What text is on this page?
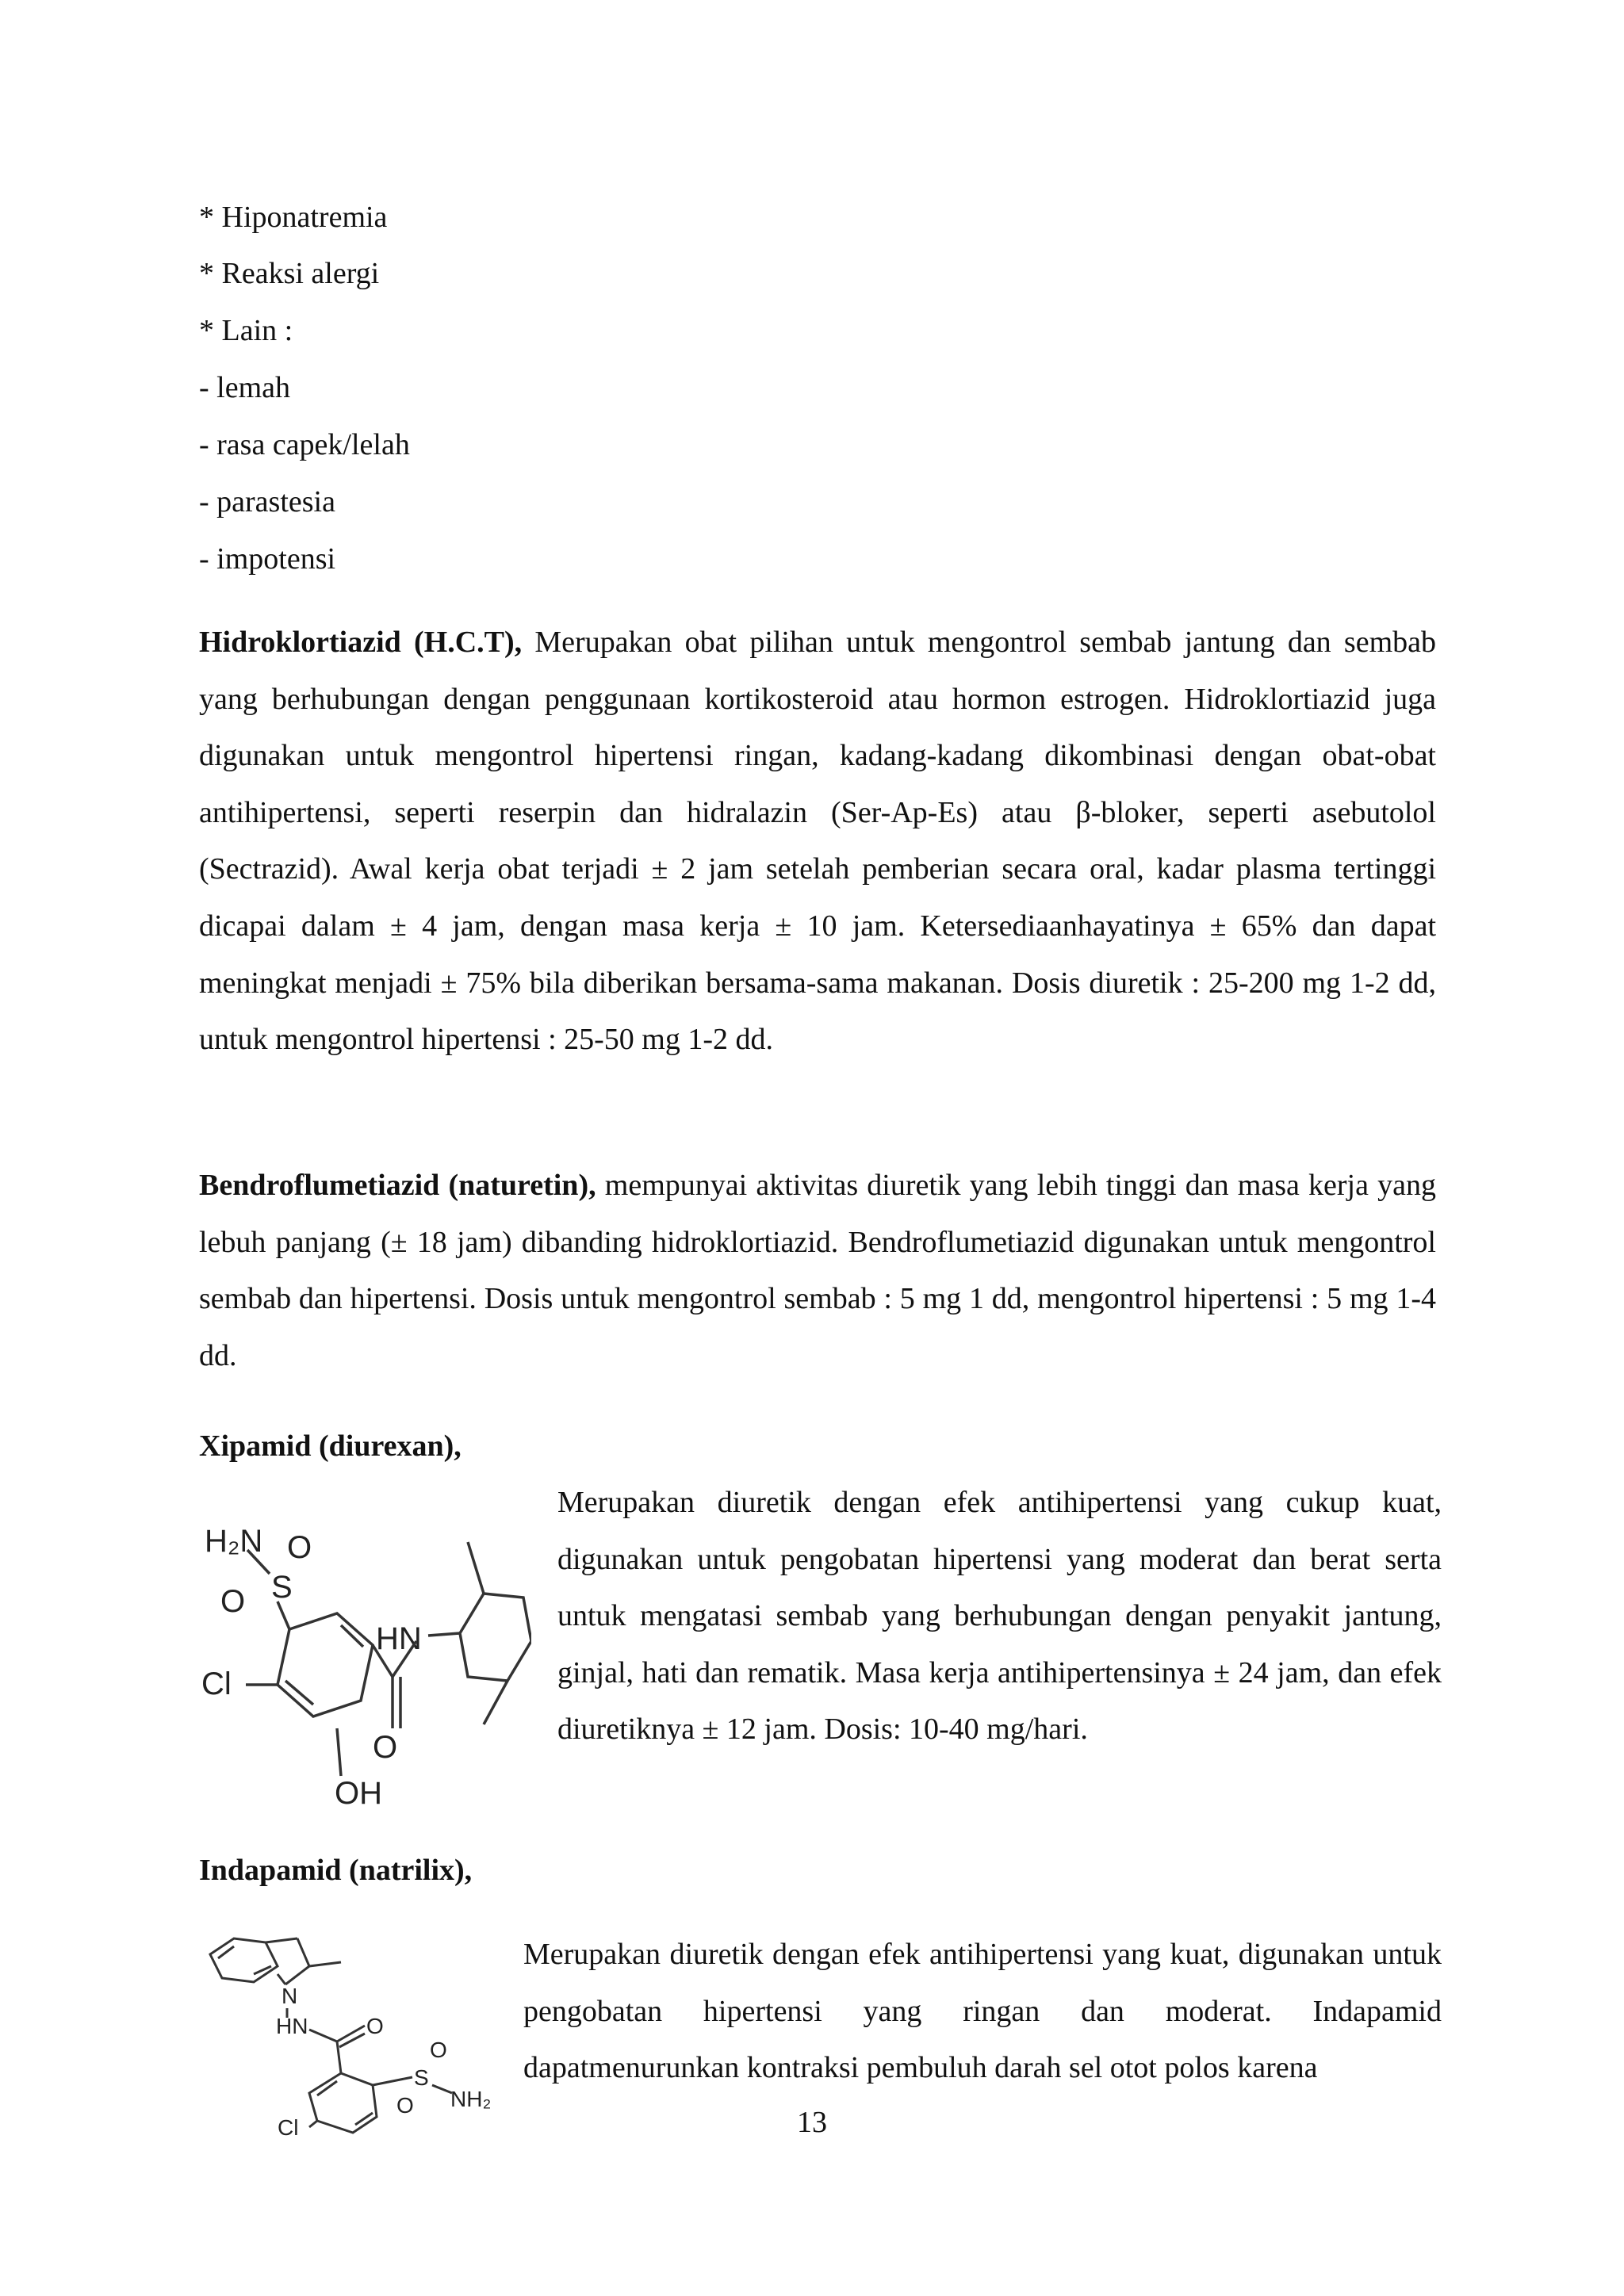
* Hiponatremia
* Reaksi alergi
* Lain :
- lemah
- rasa capek/lelah
- parastesia
- impotensi

Hidroklortiazid (H.C.T), Merupakan obat pilihan untuk mengontrol sembab jantung dan sembab yang berhubungan dengan penggunaan kortikosteroid atau hormon estrogen. Hidroklortiazid juga digunakan untuk mengontrol hipertensi ringan, kadang-kadang dikombinasi dengan obat-obat antihipertensi, seperti reserpin dan hidralazin (Ser-Ap-Es) atau β-bloker, seperti asebutolol (Sectrazid). Awal kerja obat terjadi ± 2 jam setelah pemberian secara oral, kadar plasma tertinggi dicapai dalam ± 4 jam, dengan masa kerja ± 10 jam. Ketersediaanhayatinya ± 65% dan dapat meningkat menjadi ± 75% bila diberikan bersama-sama makanan. Dosis diuretik : 25-200 mg 1-2 dd, untuk mengontrol hipertensi : 25-50 mg 1-2 dd.

Bendroflumetiazid (naturetin), mempunyai aktivitas diuretik yang lebih tinggi dan masa kerja yang lebuh panjang (± 18 jam) dibanding hidroklortiazid. Bendroflumetiazid digunakan untuk mengontrol sembab dan hipertensi. Dosis untuk mengontrol sembab : 5 mg 1 dd, mengontrol hipertensi : 5 mg 1-4 dd.

Xipamid (diurexan),
H₂N
S
O
O
HN
Cl
O
OH
Merupakan diuretik dengan efek antihipertensi yang cukup kuat, digunakan untuk pengobatan hipertensi yang moderat dan berat serta untuk mengatasi sembab yang berhubungan dengan penyakit jantung, ginjal, hati dan rematik. Masa kerja antihipertensinya ± 24 jam, dan efek diuretiknya ± 12 jam. Dosis: 10-40 mg/hari.
Indapamid (natrilix),
N
HN	O
S
O
O NH₂
Cl
Merupakan diuretik dengan efek antihipertensi yang kuat, digunakan untuk pengobatan hipertensi yang ringan dan moderat. Indapamid dapatmenurunkan kontraksi pembuluh darah sel otot polos karena
13
